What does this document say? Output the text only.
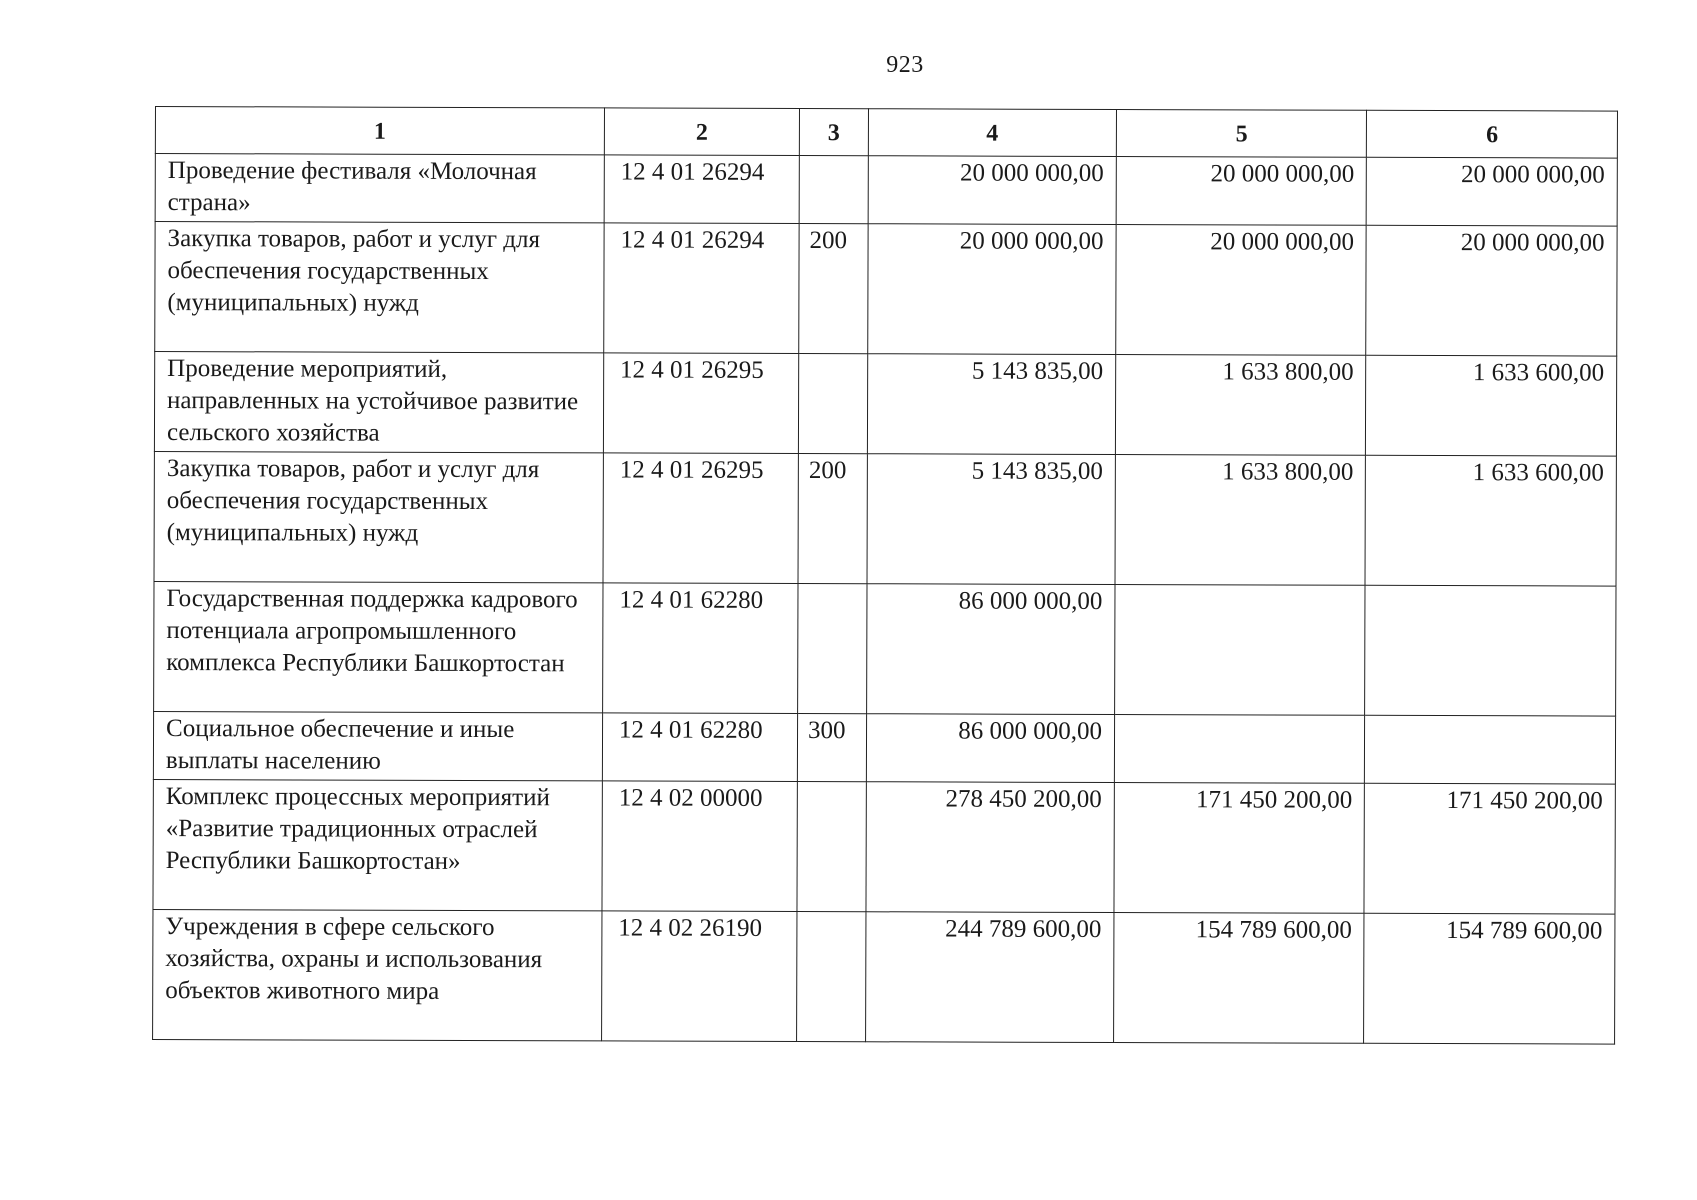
923
1	2	3	4	5	6
Проведение фестиваля «Молочная страна»	12 4 01 26294		20 000 000,00	20 000 000,00	20 000 000,00
Закупка товаров, работ и услуг для обеспечения государственных (муниципальных) нужд	12 4 01 26294	200	20 000 000,00	20 000 000,00	20 000 000,00
Проведение мероприятий, направленных на устойчивое развитие сельского хозяйства	12 4 01 26295		5 143 835,00	1 633 800,00	1 633 600,00
Закупка товаров, работ и услуг для обеспечения государственных (муниципальных) нужд	12 4 01 26295	200	5 143 835,00	1 633 800,00	1 633 600,00
Государственная поддержка кадрового потенциала агропромышленного комплекса Республики Башкортостан	12 4 01 62280		86 000 000,00		
Социальное обеспечение и иные выплаты населению	12 4 01 62280	300	86 000 000,00		
Комплекс процессных мероприятий «Развитие традиционных отраслей Республики Башкортостан»	12 4 02 00000		278 450 200,00	171 450 200,00	171 450 200,00
Учреждения в сфере сельского хозяйства, охраны и использования объектов животного мира	12 4 02 26190		244 789 600,00	154 789 600,00	154 789 600,00
